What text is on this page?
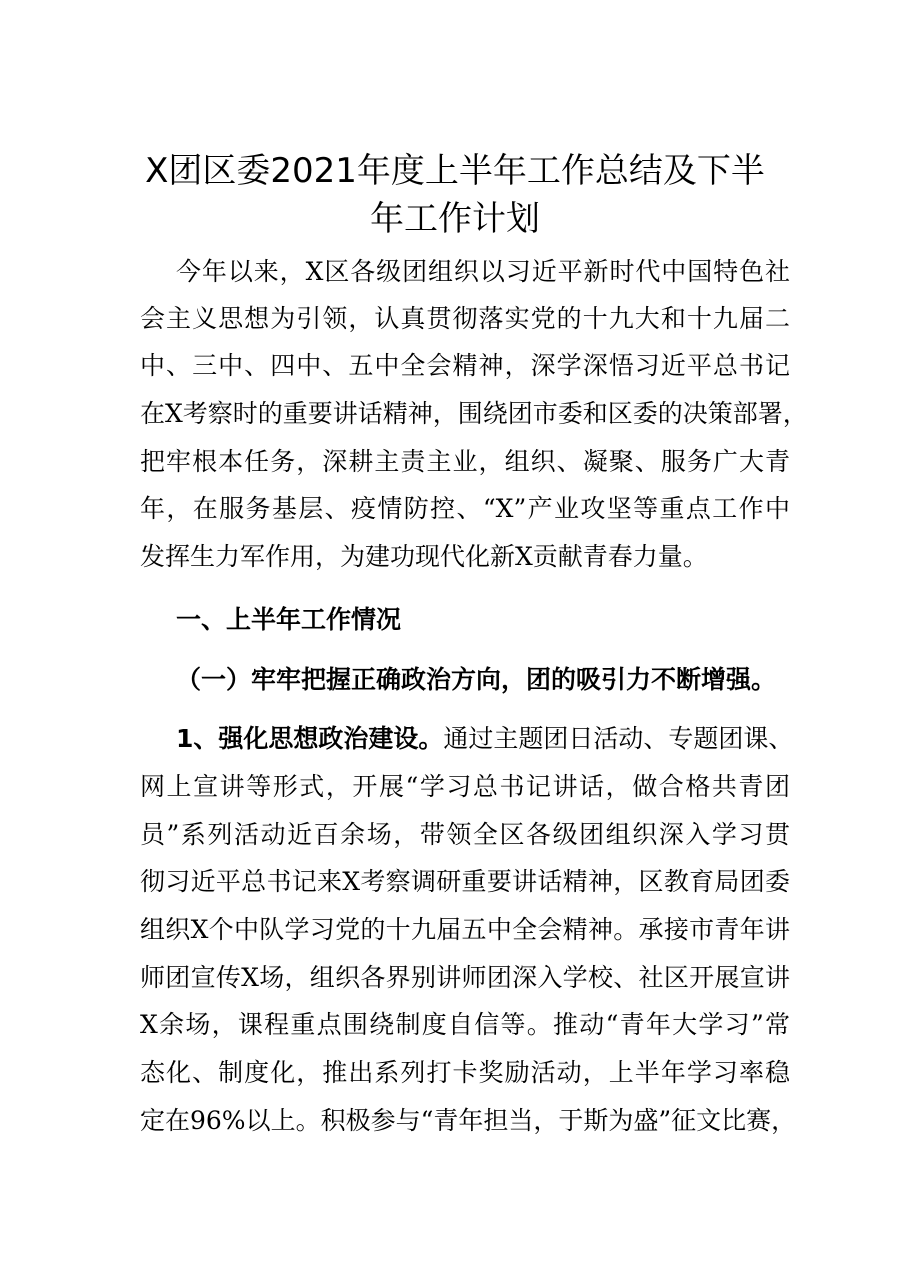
X团区委2021年度上半年工作总结及下半
年工作计划
今年以来，X区各级团组织以习近平新时代中国特色社
会主义思想为引领，认真贯彻落实党的十九大和十九届二
中、三中、四中、五中全会精神，深学深悟习近平总书记
在X考察时的重要讲话精神，围绕团市委和区委的决策部署，
把牢根本任务，深耕主责主业，组织、凝聚、服务广大青
年，在服务基层、疫情防控、“X”产业攻坚等重点工作中
发挥生力军作用，为建功现代化新X贡献青春力量。
一、上半年工作情况
（一）牢牢把握正确政治方向，团的吸引力不断增强。
1、强化思想政治建设。通过主题团日活动、专题团课、
网上宣讲等形式，开展“学习总书记讲话，做合格共青团
员”系列活动近百余场，带领全区各级团组织深入学习贯
彻习近平总书记来X考察调研重要讲话精神，区教育局团委
组织X个中队学习党的十九届五中全会精神。承接市青年讲
师团宣传X场，组织各界别讲师团深入学校、社区开展宣讲
X余场，课程重点围绕制度自信等。推动“青年大学习”常
态化、制度化，推出系列打卡奖励活动，上半年学习率稳
定在96%以上。积极参与“青年担当，于斯为盛”征文比赛，
